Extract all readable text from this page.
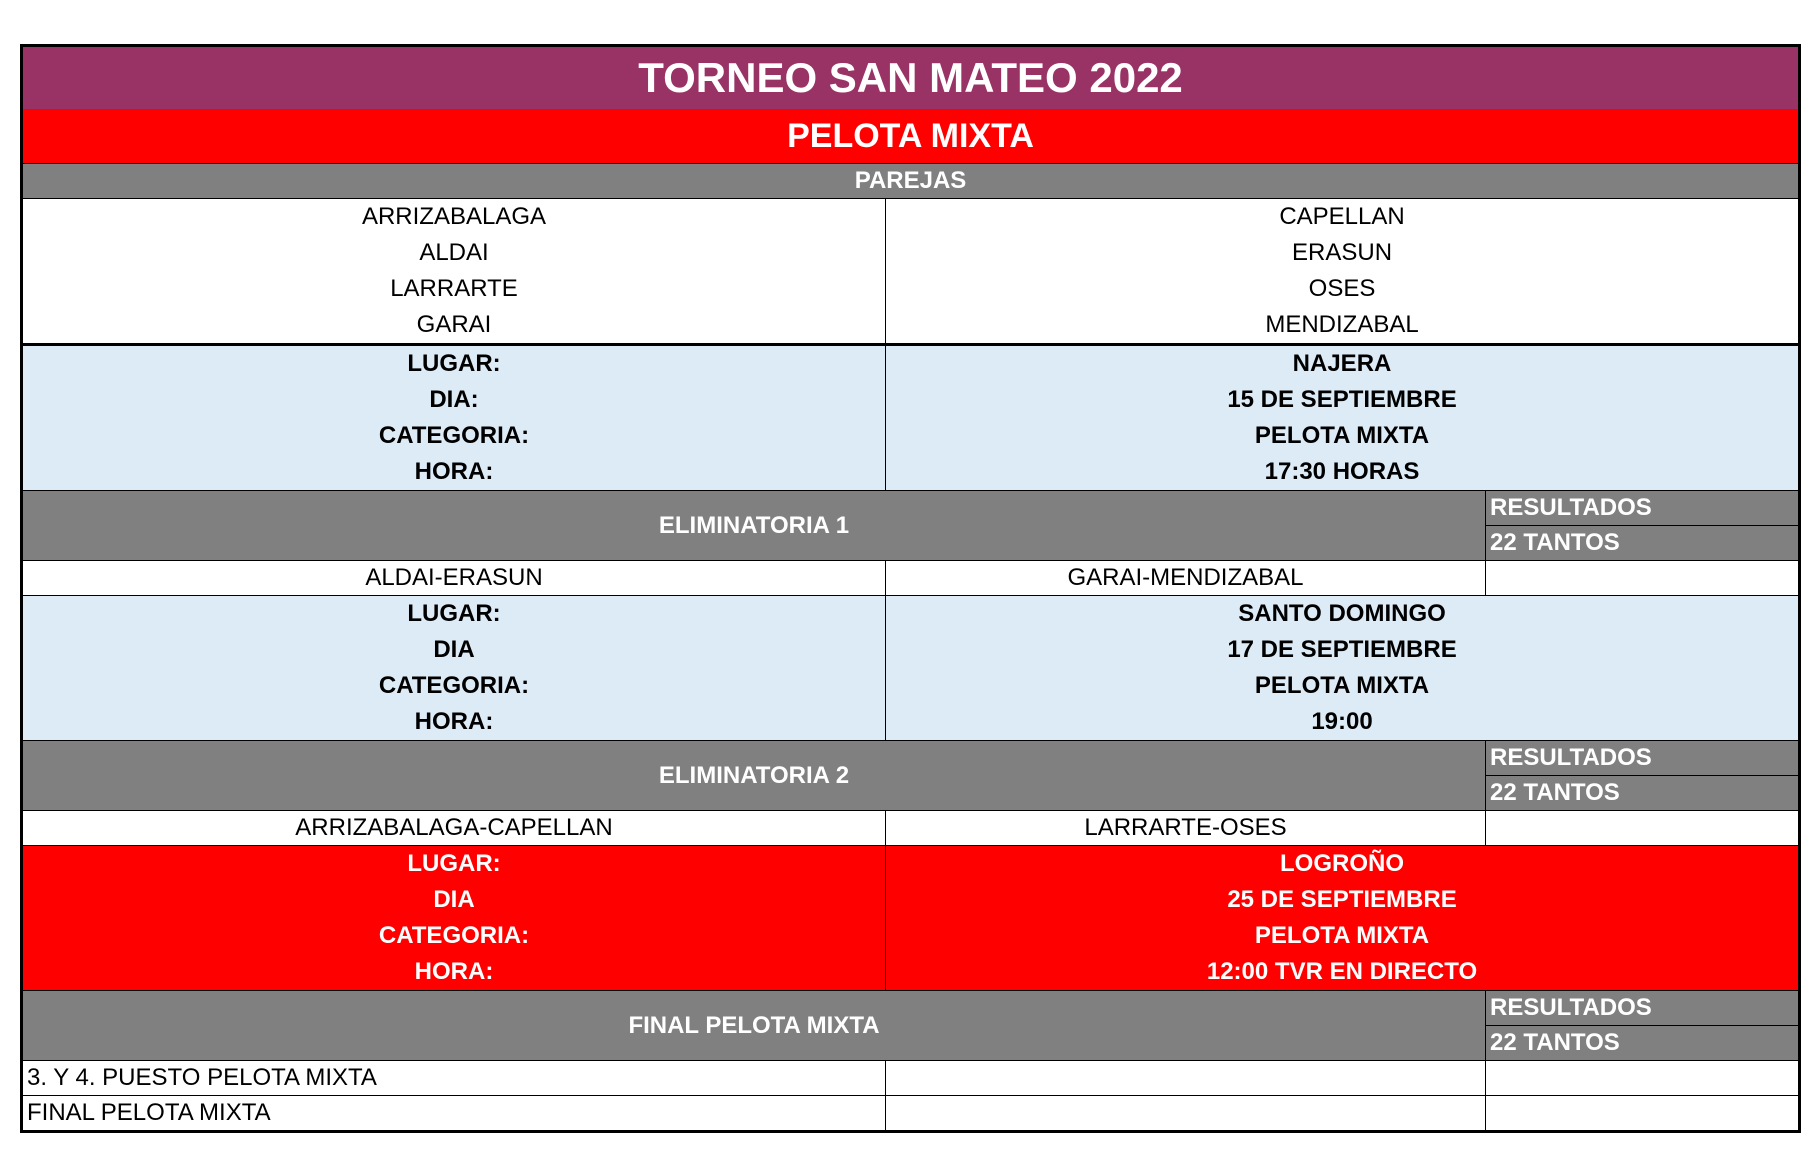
TORNEO SAN MATEO 2022		
PELOTA MIXTA		
PAREJAS		
ARRIZABALAGA	CAPELLAN	
ALDAI	ERASUN	
LARRARTE	OSES	
GARAI	MENDIZABAL	
LUGAR:	NAJERA	
DIA:	15 DE SEPTIEMBRE	
CATEGORIA:	PELOTA MIXTA	
HORA:	17:30 HORAS	
ELIMINATORIA 1		RESULTADOS
		22 TANTOS
ALDAI-ERASUN	GARAI-MENDIZABAL	
LUGAR:	SANTO DOMINGO	
DIA	17 DE SEPTIEMBRE	
CATEGORIA:	PELOTA MIXTA	
HORA:	19:00	
ELIMINATORIA 2		RESULTADOS
		22 TANTOS
ARRIZABALAGA-CAPELLAN	LARRARTE-OSES	
LUGAR:	LOGROÑO	
DIA	25 DE SEPTIEMBRE	
CATEGORIA:	PELOTA MIXTA	
HORA:	12:00 TVR EN DIRECTO	
FINAL PELOTA MIXTA		RESULTADOS
		22 TANTOS
3. Y 4. PUESTO PELOTA MIXTA		
FINAL PELOTA MIXTA		
